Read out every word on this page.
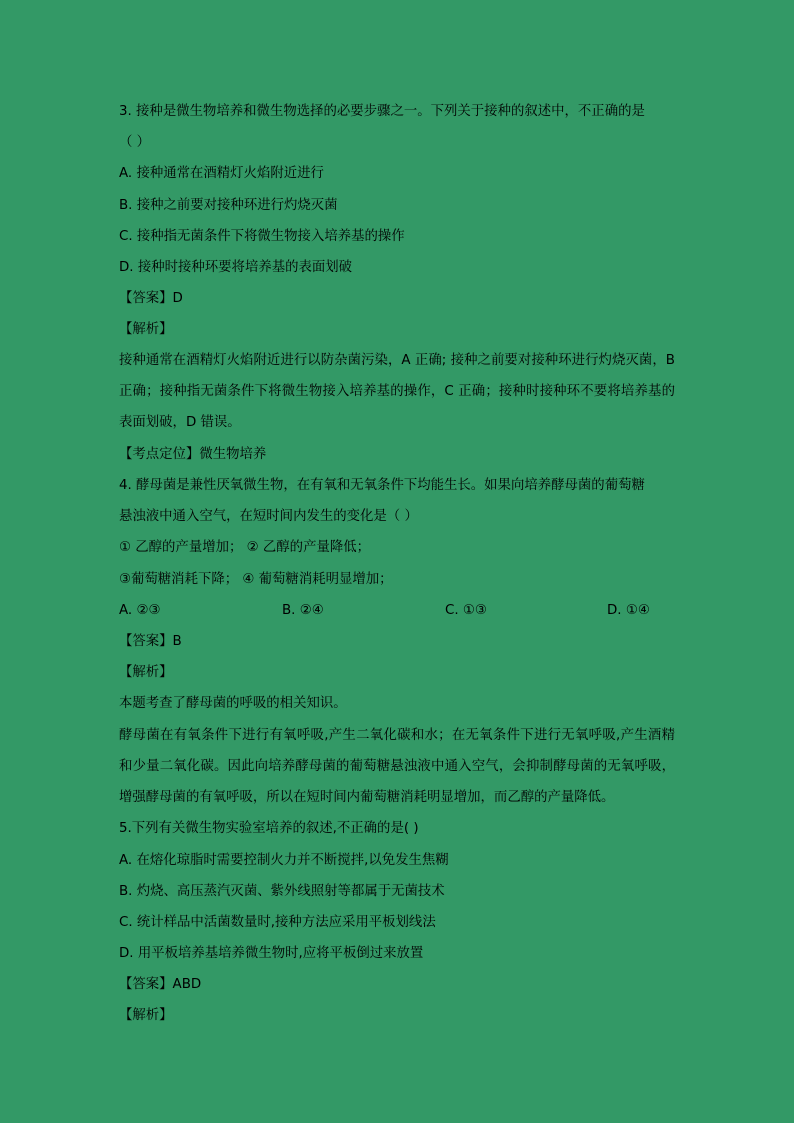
3. 接种是微生物培养和微生物选择的必要步骤之一。下列关于接种的叙述中，不正确的是
（ ）
A. 接种通常在酒精灯火焰附近进行
B. 接种之前要对接种环进行灼烧灭菌
C. 接种指无菌条件下将微生物接入培养基的操作
D. 接种时接种环要将培养基的表面划破
【答案】D
【解析】
接种通常在酒精灯火焰附近进行以防杂菌污染，A 正确; 接种之前要对接种环进行灼烧灭菌，B 正确；接种指无菌条件下将微生物接入培养基的操作，C 正确；接种时接种环不要将培养基的表面划破，D 错误。
【考点定位】微生物培养
4. 酵母菌是兼性厌氧微生物，在有氧和无氧条件下均能生长。如果向培养酵母菌的葡萄糖
悬浊液中通入空气，在短时间内发生的变化是（ ）
① 乙醇的产量增加； ② 乙醇的产量降低；
③葡萄糖消耗下降； ④ 葡萄糖消耗明显增加；
A. ②③	B. ②④	C. ①③	D. ①④
【答案】B
【解析】
本题考查了酵母菌的呼吸的相关知识。
酵母菌在有氧条件下进行有氧呼吸,产生二氧化碳和水；在无氧条件下进行无氧呼吸,产生酒精和少量二氧化碳。因此向培养酵母菌的葡萄糖悬浊液中通入空气，会抑制酵母菌的无氧呼吸，增强酵母菌的有氧呼吸，所以在短时间内葡萄糖消耗明显增加，而乙醇的产量降低。
5.下列有关微生物实验室培养的叙述,不正确的是( )
A. 在熔化琼脂时需要控制火力并不断搅拌,以免发生焦糊
B. 灼烧、高压蒸汽灭菌、紫外线照射等都属于无菌技术
C. 统计样品中活菌数量时,接种方法应采用平板划线法
D. 用平板培养基培养微生物时,应将平板倒过来放置
【答案】ABD
【解析】
